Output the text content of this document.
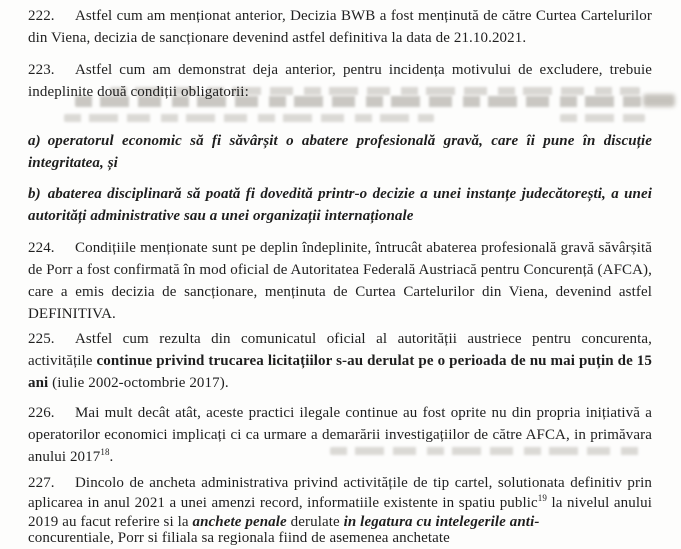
222. Astfel cum am menționat anterior, Decizia BWB a fost menținută de către Curtea Cartelurilor din Viena, decizia de sancționare devenind astfel definitiva la data de 21.10.2021.
223. Astfel cum am demonstrat deja anterior, pentru incidența motivului de excludere, trebuie indeplinite două condiții obligatorii:
a) operatorul economic să fi săvârșit o abatere profesională gravă, care îi pune în discuție integritatea, și
b) abaterea disciplinară să poată fi dovedită printr-o decizie a unei instanțe judecătorești, a unei autorități administrative sau a unei organizații internaționale
224. Condițiile menționate sunt pe deplin îndeplinite, întrucât abaterea profesională gravă săvârșită de Porr a fost confirmată în mod oficial de Autoritatea Federală Austriacă pentru Concurență (AFCA), care a emis decizia de sancționare, menținuta de Curtea Cartelurilor din Viena, devenind astfel DEFINITIVA.
225. Astfel cum rezulta din comunicatul oficial al autorității austriece pentru concurenta, activitățile continue privind trucarea licitațiilor s-au derulat pe o perioada de nu mai puțin de 15 ani (iulie 2002-octombrie 2017).
226. Mai mult decât atât, aceste practici ilegale continue au fost oprite nu din propria inițiativă a operatorilor economici implicați ci ca urmare a demarării investigațiilor de către AFCA, in primăvara anului 2017$^{18}$.
227. Dincolo de ancheta administrativa privind activitățile de tip cartel, solutionata definitiv prin aplicarea in anul 2021 a unei amenzi record, informatiile existente in spatiu public$^{19}$ la nivelul anului 2019 au facut referire si la anchete penale derulate in legatura cu intelegerile anti-
concurentiale, Porr si filiala sa regionala fiind de asemenea anchetate
